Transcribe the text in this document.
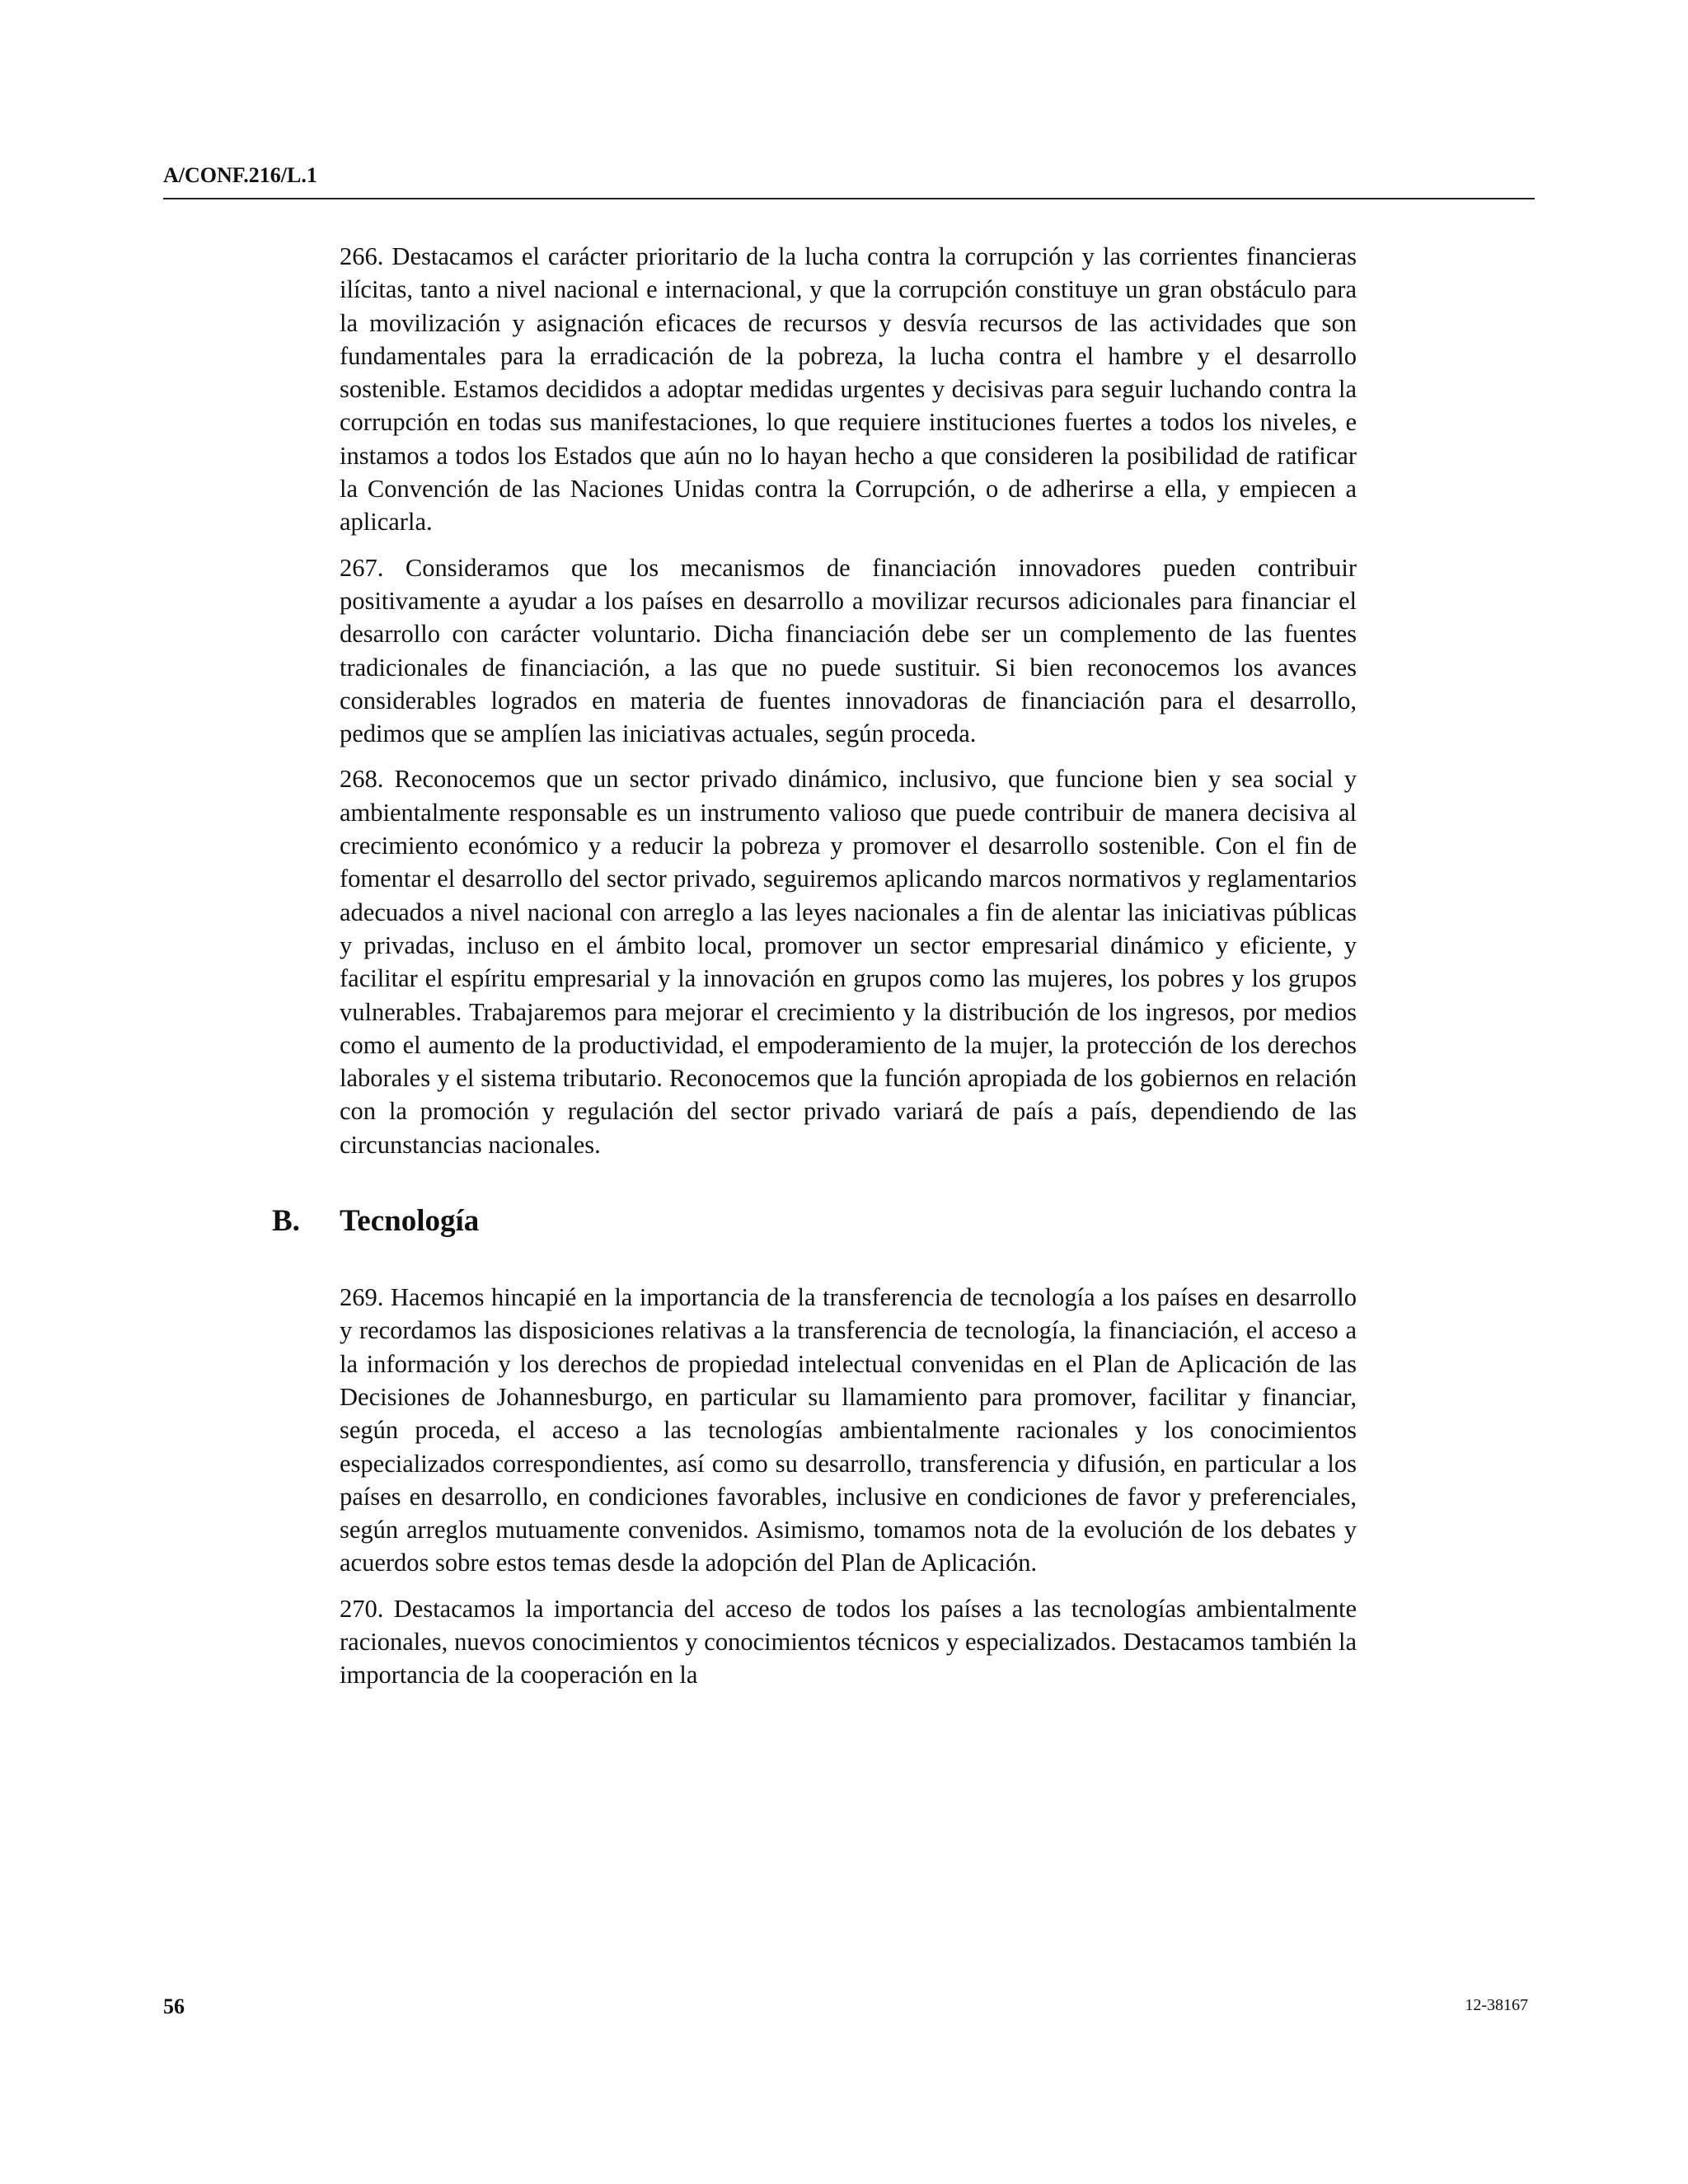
A/CONF.216/L.1

266. Destacamos el carácter prioritario de la lucha contra la corrupción y las corrientes financieras ilícitas, tanto a nivel nacional e internacional, y que la corrupción constituye un gran obstáculo para la movilización y asignación eficaces de recursos y desvía recursos de las actividades que son fundamentales para la erradicación de la pobreza, la lucha contra el hambre y el desarrollo sostenible. Estamos decididos a adoptar medidas urgentes y decisivas para seguir luchando contra la corrupción en todas sus manifestaciones, lo que requiere instituciones fuertes a todos los niveles, e instamos a todos los Estados que aún no lo hayan hecho a que consideren la posibilidad de ratificar la Convención de las Naciones Unidas contra la Corrupción, o de adherirse a ella, y empiecen a aplicarla.

267. Consideramos que los mecanismos de financiación innovadores pueden contribuir positivamente a ayudar a los países en desarrollo a movilizar recursos adicionales para financiar el desarrollo con carácter voluntario. Dicha financiación debe ser un complemento de las fuentes tradicionales de financiación, a las que no puede sustituir. Si bien reconocemos los avances considerables logrados en materia de fuentes innovadoras de financiación para el desarrollo, pedimos que se amplíen las iniciativas actuales, según proceda.

268. Reconocemos que un sector privado dinámico, inclusivo, que funcione bien y sea social y ambientalmente responsable es un instrumento valioso que puede contribuir de manera decisiva al crecimiento económico y a reducir la pobreza y promover el desarrollo sostenible. Con el fin de fomentar el desarrollo del sector privado, seguiremos aplicando marcos normativos y reglamentarios adecuados a nivel nacional con arreglo a las leyes nacionales a fin de alentar las iniciativas públicas y privadas, incluso en el ámbito local, promover un sector empresarial dinámico y eficiente, y facilitar el espíritu empresarial y la innovación en grupos como las mujeres, los pobres y los grupos vulnerables. Trabajaremos para mejorar el crecimiento y la distribución de los ingresos, por medios como el aumento de la productividad, el empoderamiento de la mujer, la protección de los derechos laborales y el sistema tributario. Reconocemos que la función apropiada de los gobiernos en relación con la promoción y regulación del sector privado variará de país a país, dependiendo de las circunstancias nacionales.

B. Tecnología

269. Hacemos hincapié en la importancia de la transferencia de tecnología a los países en desarrollo y recordamos las disposiciones relativas a la transferencia de tecnología, la financiación, el acceso a la información y los derechos de propiedad intelectual convenidas en el Plan de Aplicación de las Decisiones de Johannesburgo, en particular su llamamiento para promover, facilitar y financiar, según proceda, el acceso a las tecnologías ambientalmente racionales y los conocimientos especializados correspondientes, así como su desarrollo, transferencia y difusión, en particular a los países en desarrollo, en condiciones favorables, inclusive en condiciones de favor y preferenciales, según arreglos mutuamente convenidos. Asimismo, tomamos nota de la evolución de los debates y acuerdos sobre estos temas desde la adopción del Plan de Aplicación.

270. Destacamos la importancia del acceso de todos los países a las tecnologías ambientalmente racionales, nuevos conocimientos y conocimientos técnicos y especializados. Destacamos también la importancia de la cooperación en la

56	12-38167
